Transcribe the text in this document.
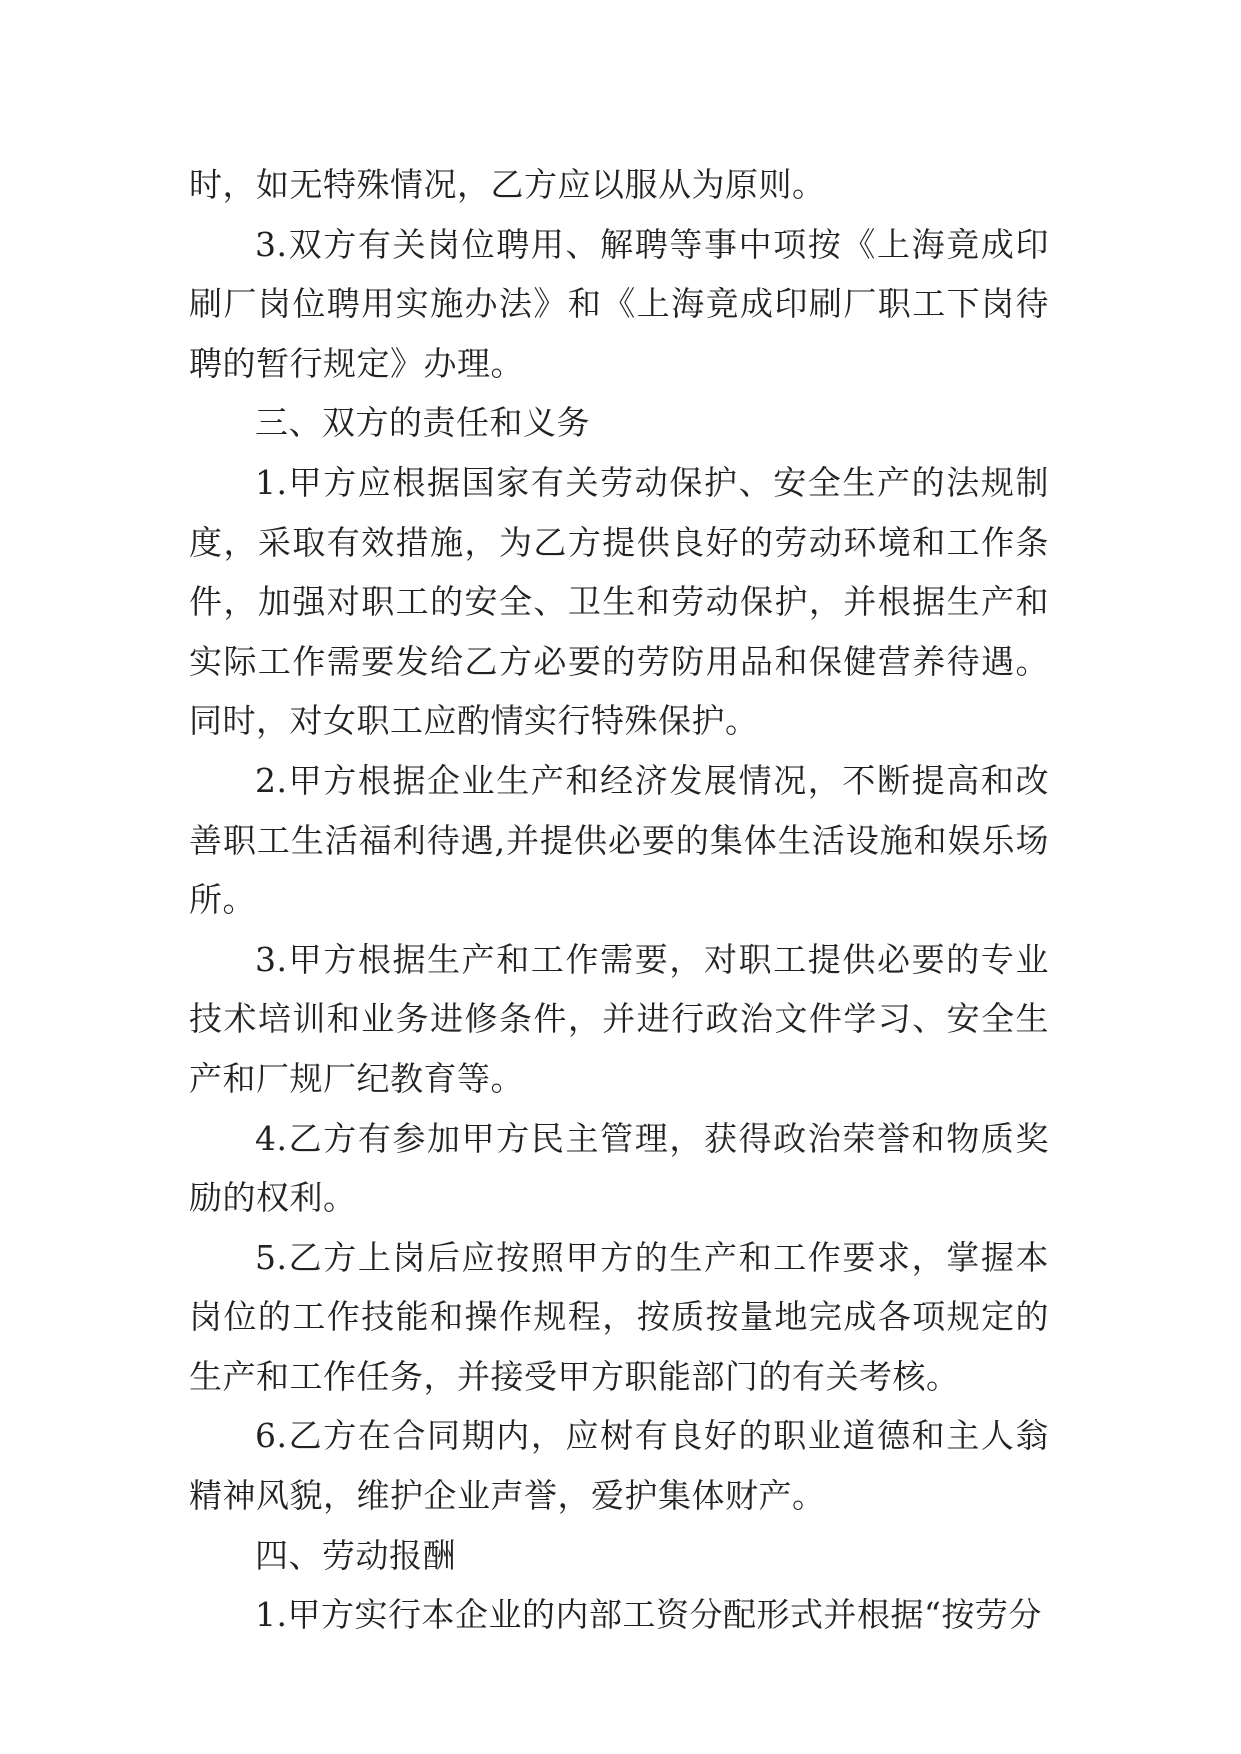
时，如无特殊情况，乙方应以服从为原则。

3.双方有关岗位聘用、解聘等事中项按《上海竟成印刷厂岗位聘用实施办法》和《上海竟成印刷厂职工下岗待聘的暂行规定》办理。

三、双方的责任和义务

1.甲方应根据国家有关劳动保护、安全生产的法规制度，采取有效措施，为乙方提供良好的劳动环境和工作条件，加强对职工的安全、卫生和劳动保护，并根据生产和实际工作需要发给乙方必要的劳防用品和保健营养待遇。同时，对女职工应酌情实行特殊保护。

2.甲方根据企业生产和经济发展情况，不断提高和改善职工生活福利待遇,并提供必要的集体生活设施和娱乐场所。

3.甲方根据生产和工作需要，对职工提供必要的专业技术培训和业务进修条件，并进行政治文件学习、安全生产和厂规厂纪教育等。

4.乙方有参加甲方民主管理，获得政治荣誉和物质奖励的权利。

5.乙方上岗后应按照甲方的生产和工作要求，掌握本岗位的工作技能和操作规程，按质按量地完成各项规定的生产和工作任务，并接受甲方职能部门的有关考核。

6.乙方在合同期内，应树有良好的职业道德和主人翁精神风貌，维护企业声誉，爱护集体财产。

四、劳动报酬

1.甲方实行本企业的内部工资分配形式并根据“按劳分
